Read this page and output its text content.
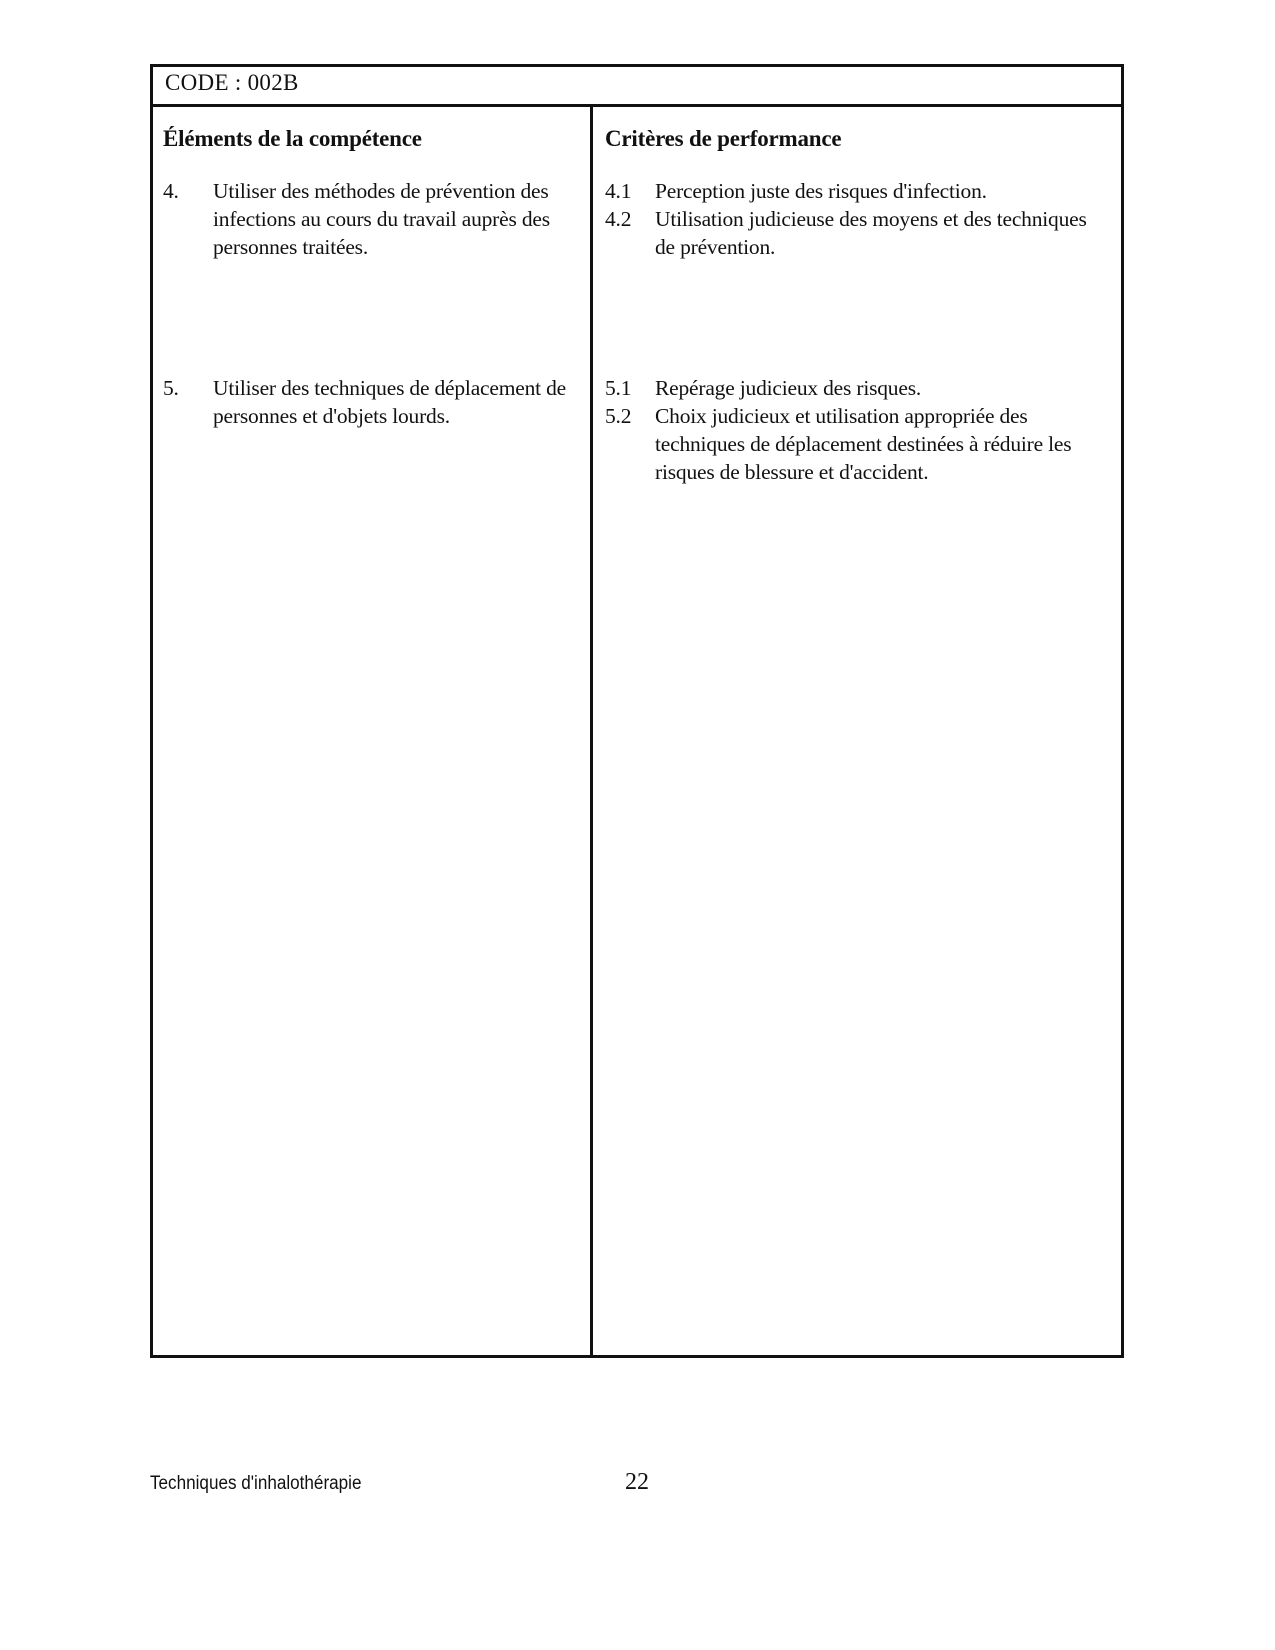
CODE : 002B
Éléments de la compétence
4. Utiliser des méthodes de prévention des infections au cours du travail auprès des personnes traitées.
5. Utiliser des techniques de déplacement de personnes et d'objets lourds.
Critères de performance
4.1 Perception juste des risques d'infection.
4.2 Utilisation judicieuse des moyens et des techniques de prévention.
5.1 Repérage judicieux des risques.
5.2 Choix judicieux et utilisation appropriée des techniques de déplacement destinées à réduire les risques de blessure et d'accident.
Techniques d'inhalothérapie	22
